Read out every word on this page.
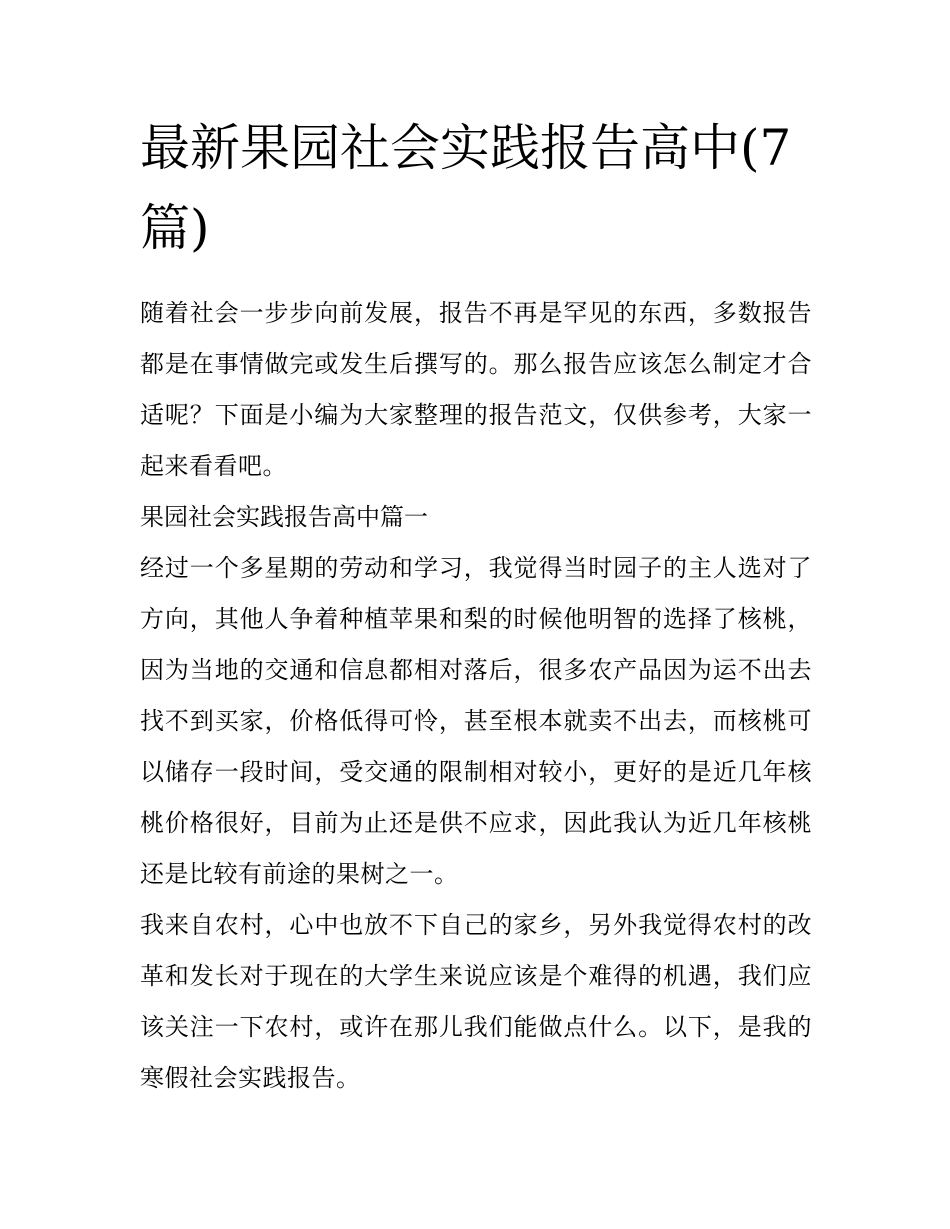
最新果园社会实践报告高中(7篇)

随着社会一步步向前发展，报告不再是罕见的东西，多数报告都是在事情做完或发生后撰写的。那么报告应该怎么制定才合适呢？下面是小编为大家整理的报告范文，仅供参考，大家一起来看看吧。

果园社会实践报告高中篇一

经过一个多星期的劳动和学习，我觉得当时园子的主人选对了方向，其他人争着种植苹果和梨的时候他明智的选择了核桃，因为当地的交通和信息都相对落后，很多农产品因为运不出去找不到买家，价格低得可怜，甚至根本就卖不出去，而核桃可以储存一段时间，受交通的限制相对较小，更好的是近几年核桃价格很好，目前为止还是供不应求，因此我认为近几年核桃还是比较有前途的果树之一。

我来自农村，心中也放不下自己的家乡，另外我觉得农村的改革和发长对于现在的大学生来说应该是个难得的机遇，我们应该关注一下农村，或许在那儿我们能做点什么。以下，是我的寒假社会实践报告。
